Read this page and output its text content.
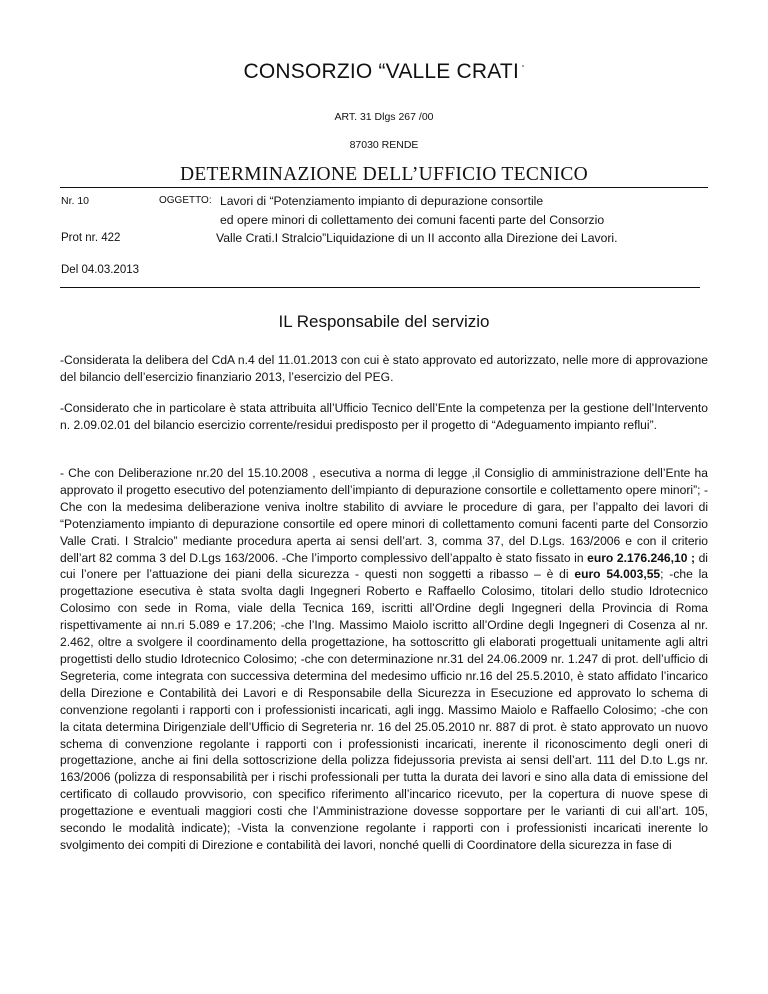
CONSORZIO “VALLE CRATI “
ART. 31 Dlgs 267 /00
87030 RENDE
DETERMINAZIONE DELL’UFFICIO TECNICO
Nr. 10	OGGETTO: Lavori di “Potenziamento impianto di depurazione consortile
ed opere minori di collettamento dei comuni facenti parte del Consorzio
Prot nr. 422	Valle Crati.I Stralcio”Liquidazione di un II acconto alla Direzione dei Lavori.
Del 04.03.2013
IL Responsabile del servizio

-Considerata la delibera del CdA n.4 del 11.01.2013 con cui è stato approvato ed autorizzato, nelle more di approvazione del bilancio dell’esercizio finanziario 2013, l’esercizio del PEG.

-Considerato che in particolare è stata attribuita all’Ufficio Tecnico dell’Ente la competenza per la gestione dell’Intervento n. 2.09.02.01 del bilancio esercizio corrente/residui predisposto per il progetto di “Adeguamento impianto reflui”.

- Che con Deliberazione nr.20 del 15.10.2008 , esecutiva a norma di legge ,il Consiglio di amministrazione dell’Ente ha approvato il progetto esecutivo del potenziamento dell’impianto di depurazione consortile e collettamento opere minori”; -Che con la medesima deliberazione veniva inoltre stabilito di avviare le procedure di gara, per l’appalto dei lavori di “Potenziamento impianto di depurazione consortile ed opere minori di collettamento comuni facenti parte del Consorzio Valle Crati. I Stralcio” mediante procedura aperta ai sensi dell’art. 3, comma 37, del D.Lgs. 163/2006 e con il criterio dell’art 82 comma 3 del D.Lgs 163/2006. -Che l’importo complessivo dell’appalto è stato fissato in euro 2.176.246,10 ; di cui l’onere per l’attuazione dei piani della sicurezza - questi non soggetti a ribasso – è di euro 54.003,55; -che la progettazione esecutiva è stata svolta dagli Ingegneri Roberto e Raffaello Colosimo, titolari dello studio Idrotecnico Colosimo con sede in Roma, viale della Tecnica 169, iscritti all’Ordine degli Ingegneri della Provincia di Roma rispettivamente ai nn.ri 5.089 e 17.206; -che l’Ing. Massimo Maiolo iscritto all’Ordine degli Ingegneri di Cosenza al nr. 2.462, oltre a svolgere il coordinamento della progettazione, ha sottoscritto gli elaborati progettuali unitamente agli altri progettisti dello studio Idrotecnico Colosimo; -che con determinazione nr.31 del 24.06.2009 nr. 1.247 di prot. dell’ufficio di Segreteria, come integrata con successiva determina del medesimo ufficio nr.16 del 25.5.2010, è stato affidato l’incarico della Direzione e Contabilità dei Lavori e di Responsabile della Sicurezza in Esecuzione ed approvato lo schema di convenzione regolanti i rapporti con i professionisti incaricati, agli ingg. Massimo Maiolo e Raffaello Colosimo; -che con la citata determina Dirigenziale dell’Ufficio di Segreteria nr. 16 del 25.05.2010 nr. 887 di prot. è stato approvato un nuovo schema di convenzione regolante i rapporti con i professionisti incaricati, inerente il riconoscimento degli oneri di progettazione, anche ai fini della sottoscrizione della polizza fidejussoria prevista ai sensi dell’art. 111 del D.to L.gs nr. 163/2006 (polizza di responsabilità per i rischi professionali per tutta la durata dei lavori e sino alla data di emissione del certificato di collaudo provvisorio, con specifico riferimento all’incarico ricevuto, per la copertura di nuove spese di progettazione e eventuali maggiori costi che l’Amministrazione dovesse sopportare per le varianti di cui all’art. 105, secondo le modalità indicate); -Vista la convenzione regolante i rapporti con i professionisti incaricati inerente lo svolgimento dei compiti di Direzione e contabilità dei lavori, nonché quelli di Coordinatore della sicurezza in fase di
